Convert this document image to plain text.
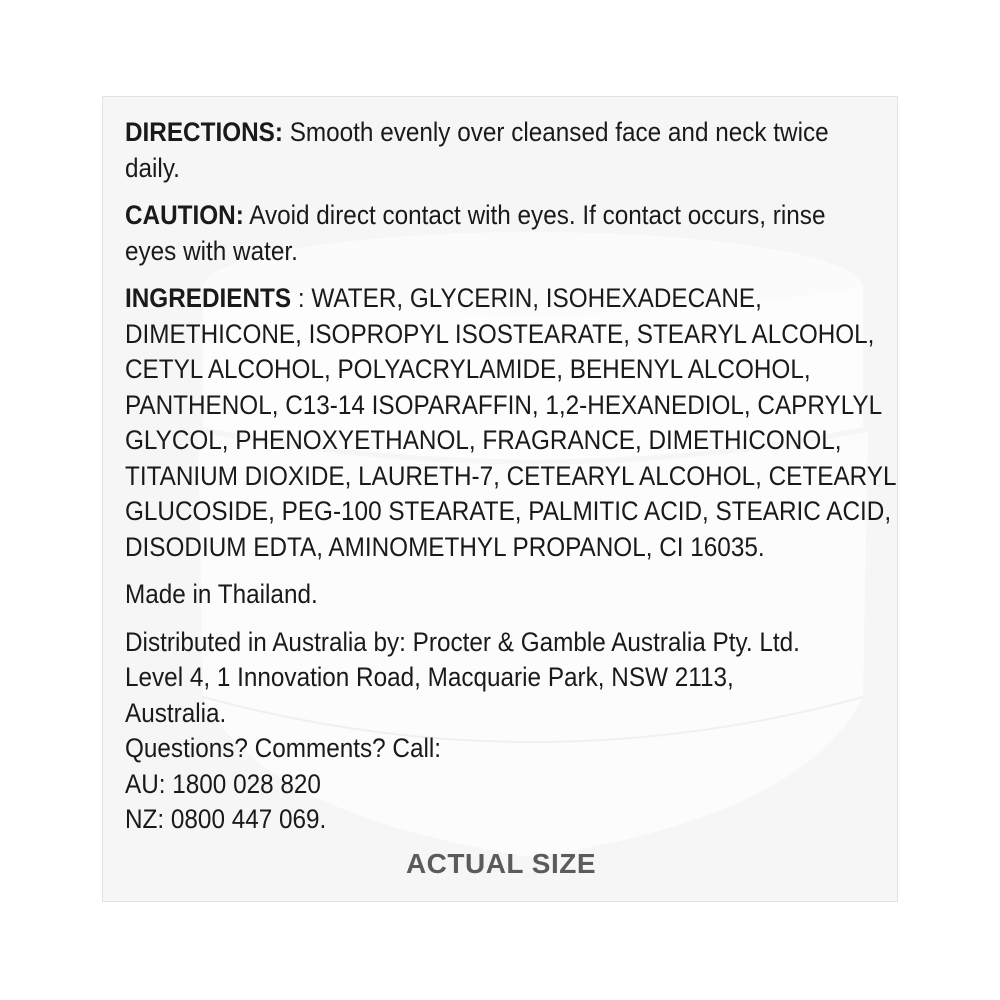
DIRECTIONS: Smooth evenly over cleansed face and neck twice
daily.

CAUTION: Avoid direct contact with eyes. If contact occurs, rinse
eyes with water.

INGREDIENTS : WATER, GLYCERIN, ISOHEXADECANE,
DIMETHICONE, ISOPROPYL ISOSTEARATE, STEARYL ALCOHOL,
CETYL ALCOHOL, POLYACRYLAMIDE, BEHENYL ALCOHOL,
PANTHENOL, C13-14 ISOPARAFFIN, 1,2-HEXANEDIOL, CAPRYLYL
GLYCOL, PHENOXYETHANOL, FRAGRANCE, DIMETHICONOL,
TITANIUM DIOXIDE, LAURETH-7, CETEARYL ALCOHOL, CETEARYL
GLUCOSIDE, PEG-100 STEARATE, PALMITIC ACID, STEARIC ACID,
DISODIUM EDTA, AMINOMETHYL PROPANOL, CI 16035.

Made in Thailand.

Distributed in Australia by: Procter & Gamble Australia Pty. Ltd.
Level 4, 1 Innovation Road, Macquarie Park, NSW 2113,
Australia.
Questions? Comments? Call:
AU: 1800 028 820
NZ: 0800 447 069.

ACTUAL SIZE
